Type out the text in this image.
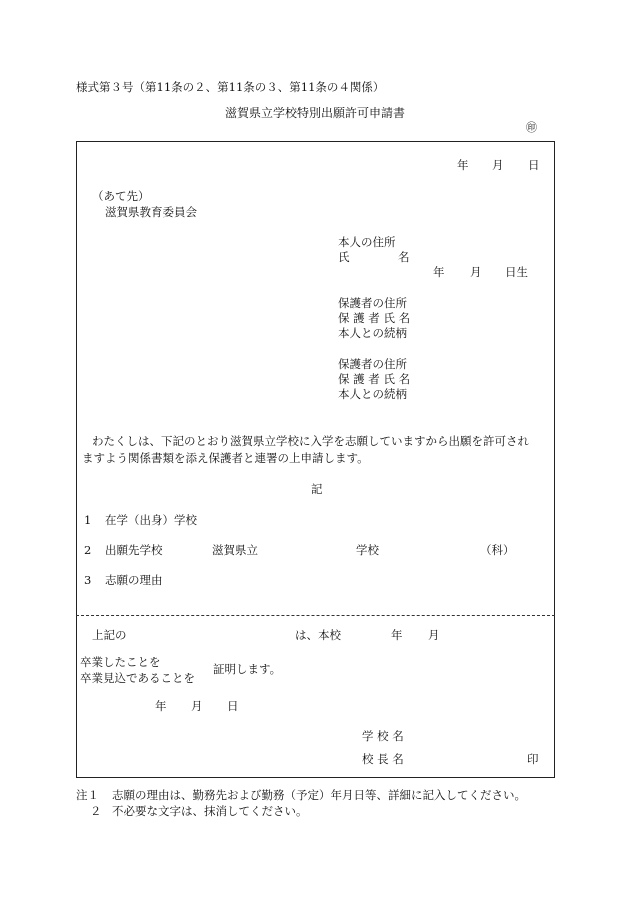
様式第３号（第11条の２、第11条の３、第11条の４関係）
滋賀県立学校特別出願許可申請書
㊞
年 月 日
（あて先）
滋賀県教育委員会
本人の住所
氏	名
年 月 日生
保護者の住所
保 護 者 氏 名
本人との続柄
保護者の住所
保 護 者 氏 名
本人との続柄
わたくしは、下記のとおり滋賀県立学校に入学を志願していますから出願を許可され
ますよう関係書類を添え保護者と連署の上申請します。
記
1 在学（出身）学校
2 出願先学校	滋賀県立	学校	（科）
3 志願の理由
上記の	は、本校	年 月
卒業したことを
卒業見込であることを
証明します。
年 月 日
学 校 名
校 長 名	印
注１ 志願の理由は、勤務先および勤務（予定）年月日等、詳細に記入してください。
２ 不必要な文字は、抹消してください。
